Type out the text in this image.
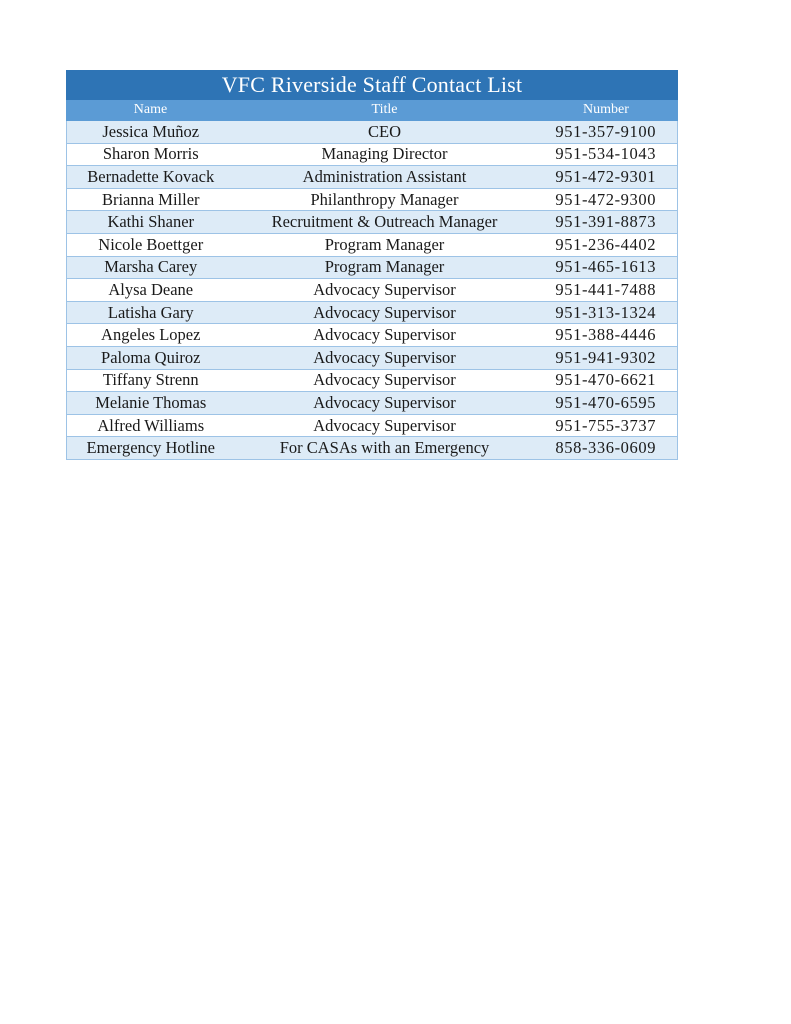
VFC Riverside Staff Contact List		
Name	Title	Number
Jessica Muñoz	CEO	951-357-9100
Sharon Morris	Managing Director	951-534-1043
Bernadette Kovack	Administration Assistant	951-472-9301
Brianna Miller	Philanthropy Manager	951-472-9300
Kathi Shaner	Recruitment & Outreach Manager	951-391-8873
Nicole Boettger	Program Manager	951-236-4402
Marsha Carey	Program Manager	951-465-1613
Alysa Deane	Advocacy Supervisor	951-441-7488
Latisha Gary	Advocacy Supervisor	951-313-1324
Angeles Lopez	Advocacy Supervisor	951-388-4446
Paloma Quiroz	Advocacy Supervisor	951-941-9302
Tiffany Strenn	Advocacy Supervisor	951-470-6621
Melanie Thomas	Advocacy Supervisor	951-470-6595
Alfred Williams	Advocacy Supervisor	951-755-3737
Emergency Hotline	For CASAs with an Emergency	858-336-0609
